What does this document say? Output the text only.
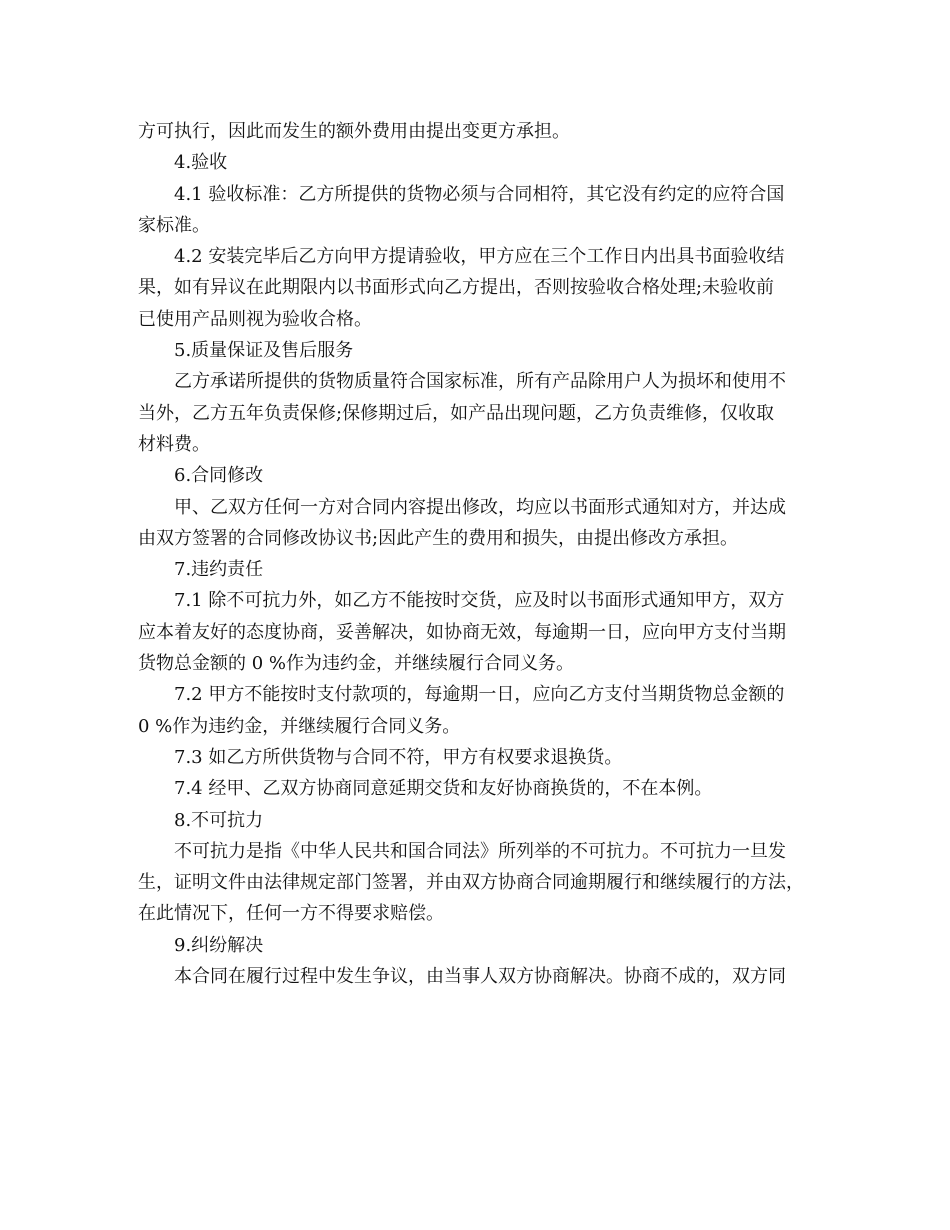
方可执行，因此而发生的额外费用由提出变更方承担。
4.验收
4.1 验收标准：乙方所提供的货物必须与合同相符，其它没有约定的应符合国
家标准。
4.2 安装完毕后乙方向甲方提请验收，甲方应在三个工作日内出具书面验收结
果，如有异议在此期限内以书面形式向乙方提出，否则按验收合格处理;未验收前
已使用产品则视为验收合格。
5.质量保证及售后服务
乙方承诺所提供的货物质量符合国家标准，所有产品除用户人为损坏和使用不
当外，乙方五年负责保修;保修期过后，如产品出现问题，乙方负责维修，仅收取
材料费。
6.合同修改
甲、乙双方任何一方对合同内容提出修改，均应以书面形式通知对方，并达成
由双方签署的合同修改协议书;因此产生的费用和损失，由提出修改方承担。
7.违约责任
7.1 除不可抗力外，如乙方不能按时交货，应及时以书面形式通知甲方，双方
应本着友好的态度协商，妥善解决，如协商无效，每逾期一日，应向甲方支付当期
货物总金额的 0 %作为违约金，并继续履行合同义务。
7.2 甲方不能按时支付款项的，每逾期一日，应向乙方支付当期货物总金额的
0 %作为违约金，并继续履行合同义务。
7.3 如乙方所供货物与合同不符，甲方有权要求退换货。
7.4 经甲、乙双方协商同意延期交货和友好协商换货的，不在本例。
8.不可抗力
不可抗力是指《中华人民共和国合同法》所列举的不可抗力。不可抗力一旦发
生，证明文件由法律规定部门签署，并由双方协商合同逾期履行和继续履行的方法，
在此情况下，任何一方不得要求赔偿。
9.纠纷解决
本合同在履行过程中发生争议，由当事人双方协商解决。协商不成的，双方同
